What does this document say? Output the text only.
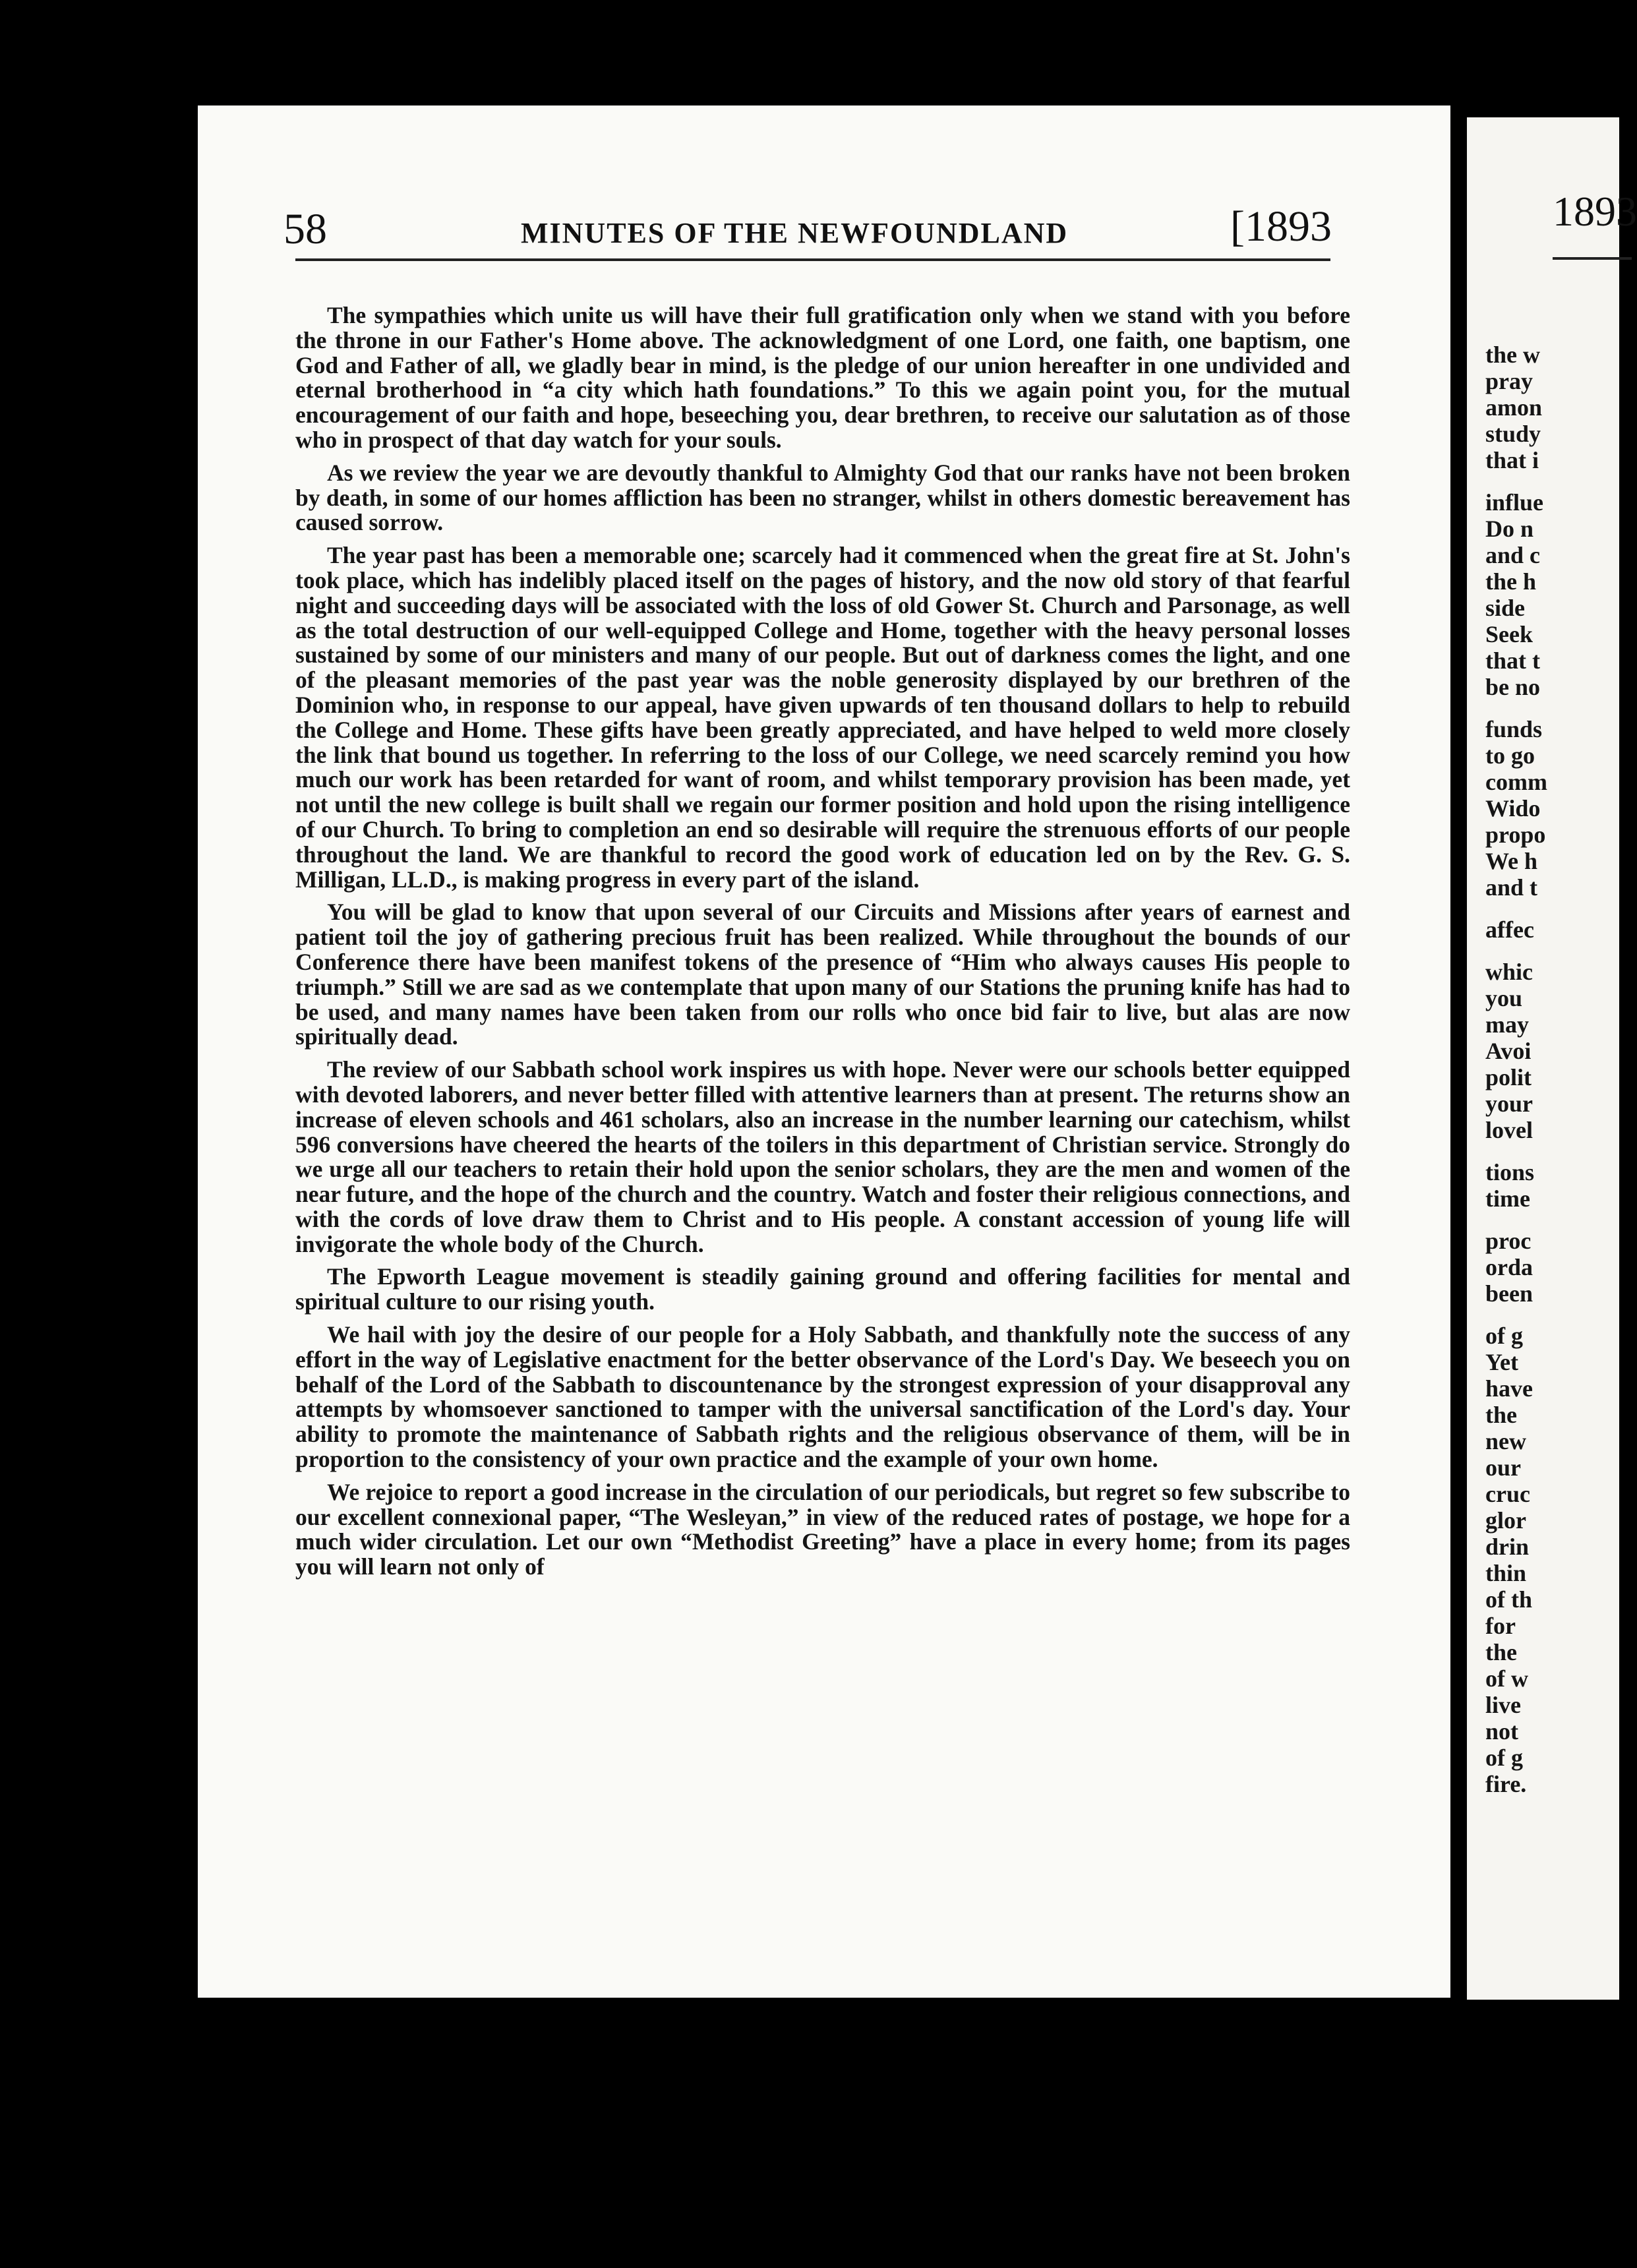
58	MINUTES OF THE NEWFOUNDLAND	[1893

The sympathies which unite us will have their full gratification only when we stand with you before the throne in our Father's Home above. The acknowledgment of one Lord, one faith, one baptism, one God and Father of all, we gladly bear in mind, is the pledge of our union hereafter in one undivided and eternal brotherhood in “a city which hath foundations.” To this we again point you, for the mutual encouragement of our faith and hope, beseeching you, dear brethren, to receive our salutation as of those who in prospect of that day watch for your souls.

As we review the year we are devoutly thankful to Almighty God that our ranks have not been broken by death, in some of our homes affliction has been no stranger, whilst in others domestic bereavement has caused sorrow.

The year past has been a memorable one; scarcely had it commenced when the great fire at St. John's took place, which has indelibly placed itself on the pages of history, and the now old story of that fearful night and succeeding days will be associated with the loss of old Gower St. Church and Parsonage, as well as the total destruction of our well-equipped College and Home, together with the heavy personal losses sustained by some of our ministers and many of our people. But out of darkness comes the light, and one of the pleasant memories of the past year was the noble generosity displayed by our brethren of the Dominion who, in response to our appeal, have given upwards of ten thousand dollars to help to rebuild the College and Home. These gifts have been greatly appreciated, and have helped to weld more closely the link that bound us together. In referring to the loss of our College, we need scarcely remind you how much our work has been retarded for want of room, and whilst temporary provision has been made, yet not until the new college is built shall we regain our former position and hold upon the rising intelligence of our Church. To bring to completion an end so desirable will require the strenuous efforts of our people throughout the land. We are thankful to record the good work of education led on by the Rev. G. S. Milligan, LL.D., is making progress in every part of the island.

You will be glad to know that upon several of our Circuits and Missions after years of earnest and patient toil the joy of gathering precious fruit has been realized. While throughout the bounds of our Conference there have been manifest tokens of the presence of “Him who always causes His people to triumph.” Still we are sad as we contemplate that upon many of our Stations the pruning knife has had to be used, and many names have been taken from our rolls who once bid fair to live, but alas are now spiritually dead.

The review of our Sabbath school work inspires us with hope. Never were our schools better equipped with devoted laborers, and never better filled with attentive learners than at present. The returns show an increase of eleven schools and 461 scholars, also an increase in the number learning our catechism, whilst 596 conversions have cheered the hearts of the toilers in this department of Christian service. Strongly do we urge all our teachers to retain their hold upon the senior scholars, they are the men and women of the near future, and the hope of the church and the country. Watch and foster their religious connections, and with the cords of love draw them to Christ and to His people. A constant accession of young life will invigorate the whole body of the Church.

The Epworth League movement is steadily gaining ground and offering facilities for mental and spiritual culture to our rising youth.

We hail with joy the desire of our people for a Holy Sabbath, and thankfully note the success of any effort in the way of Legislative enactment for the better observance of the Lord's Day. We beseech you on behalf of the Lord of the Sabbath to discountenance by the strongest expression of your disapproval any attempts by whomsoever sanctioned to tamper with the universal sanctification of the Lord's day. Your ability to promote the maintenance of Sabbath rights and the religious observance of them, will be in proportion to the consistency of your own practice and the example of your own home.

We rejoice to report a good increase in the circulation of our periodicals, but regret so few subscribe to our excellent connexional paper, “The Wesleyan,” in view of the reduced rates of postage, we hope for a much wider circulation. Let our own “Methodist Greeting” have a place in every home; from its pages you will learn not only of

1893
the w
pray
amon
study
that i
influe
Do n
and c
the h
side
Seek
that t
be no
funds
to go
comm
Wido
propo
We h
and t
affec
whic
you
may
Avoi
polit
your
lovel
tions
time
proc
orda
been
of g
Yet
have
the
new
our
cruc
glor
drin
thin
of th
for
the
of w
live
not
of g
fire.
